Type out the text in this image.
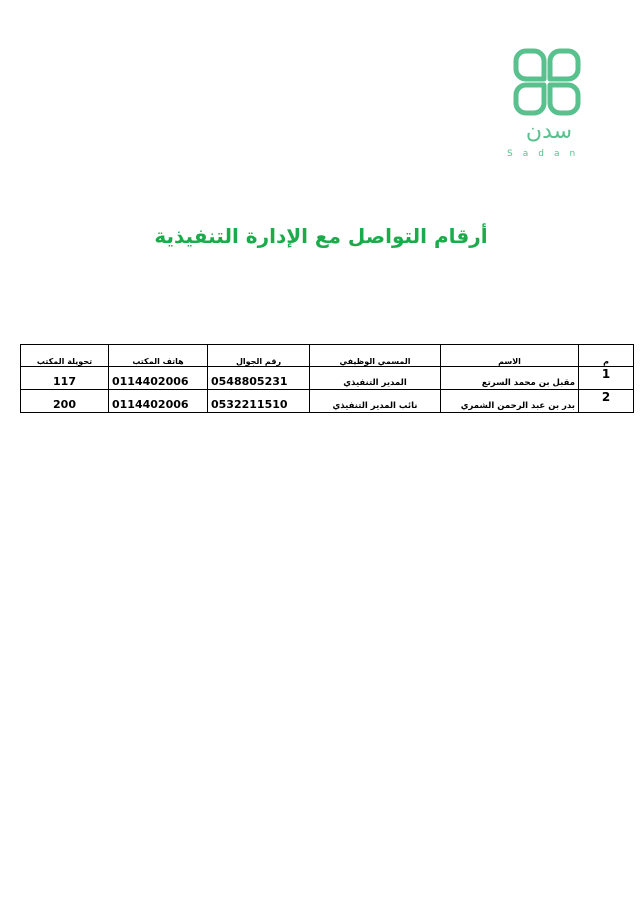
سدن
Sadan
أرقام التواصل مع الإدارة التنفيذية
م	الاسم	المسمي الوظيفي	رقم الجوال	هاتف المكتب	تحويلة المكتب
1	مقبل بن محمد السرتع	المدير التنفيذي	0548805231	0114402006	117
2	بدر بن عبد الرحمن الشمري	نائب المدير التنفيذي	0532211510	0114402006	200
